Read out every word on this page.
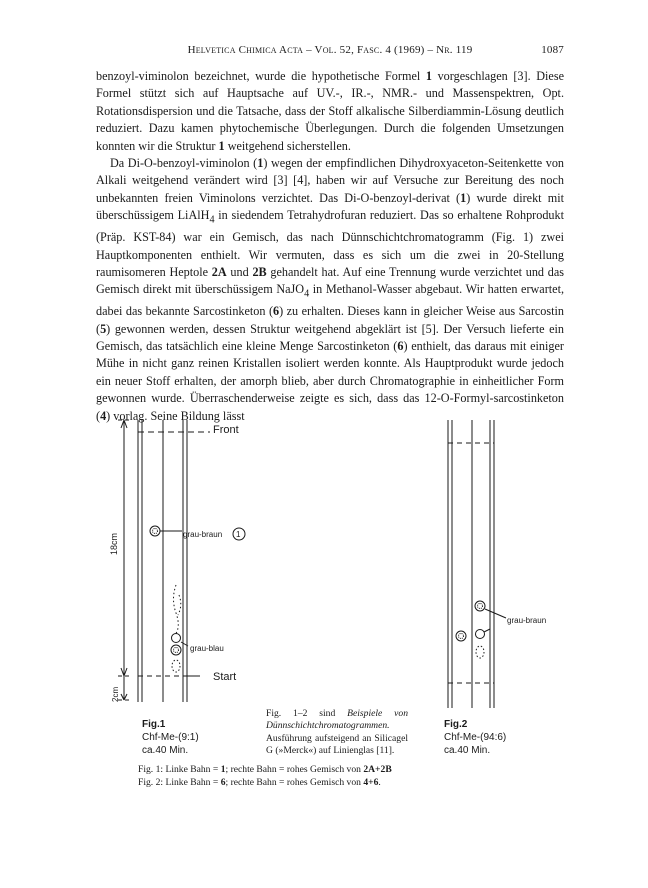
Helvetica Chimica Acta – Vol. 52, Fasc. 4 (1969) – Nr. 119	1087

benzoyl-viminolon bezeichnet, wurde die hypothetische Formel 1 vorgeschlagen [3]. Diese Formel stützt sich auf Hauptsache auf UV.-, IR.-, NMR.- und Massenspektren, Opt. Rotationsdispersion und die Tatsache, dass der Stoff alkalische Silberdiammin-Lösung deutlich reduziert. Dazu kamen phytochemische Überlegungen. Durch die folgenden Umsetzungen konnten wir die Struktur 1 weitgehend sicherstellen.

Da Di-O-benzoyl-viminolon (1) wegen der empfindlichen Dihydroxyaceton-Seitenkette von Alkali weitgehend verändert wird [3] [4], haben wir auf Versuche zur Bereitung des noch unbekannten freien Viminolons verzichtet. Das Di-O-benzoyl-derivat (1) wurde direkt mit überschüssigem LiAlH$_4$ in siedendem Tetrahydrofuran reduziert. Das so erhaltene Rohprodukt (Präp. KST-84) war ein Gemisch, das nach Dünnschichtchromatogramm (Fig. 1) zwei Hauptkomponenten enthielt. Wir vermuten, dass es sich um die zwei in 20-Stellung raumisomeren Heptole 2A und 2B gehandelt hat. Auf eine Trennung wurde verzichtet und das Gemisch direkt mit überschüssigem NaJO$_4$ in Methanol-Wasser abgebaut. Wir hatten erwartet, dabei das bekannte Sarcostinketon (6) zu erhalten. Dieses kann in gleicher Weise aus Sarcostin (5) gewonnen werden, dessen Struktur weitgehend abgeklärt ist [5]. Der Versuch lieferte ein Gemisch, das tatsächlich eine kleine Menge Sarcostinketon (6) enthielt, das daraus mit einiger Mühe in nicht ganz reinen Kristallen isoliert werden konnte. Als Hauptprodukt wurde jedoch ein neuer Stoff erhalten, der amorph blieb, aber durch Chromatographie in einheitlicher Form gewonnen wurde. Überraschenderweise zeigte es sich, dass das 12-O-Formyl-sarcostinketon (4) vorlag. Seine Bildung lässt

Front
Start
grau-braun 1
grau-blau
18cm
2cm
grau-braun
Fig.1
Chf-Me-(9:1)
ca.40 Min.
Fig.2
Chf-Me-(94:6)
ca.40 Min.
Fig. 1–2 sind Beispiele von Dünnschichtchromatogrammen. Ausführung aufsteigend an Silicagel G (»Merck«) auf Linienglas [11].
Fig. 1: Linke Bahn = 1; rechte Bahn = rohes Gemisch von 2A+2B
Fig. 2: Linke Bahn = 6; rechte Bahn = rohes Gemisch von 4+6.
